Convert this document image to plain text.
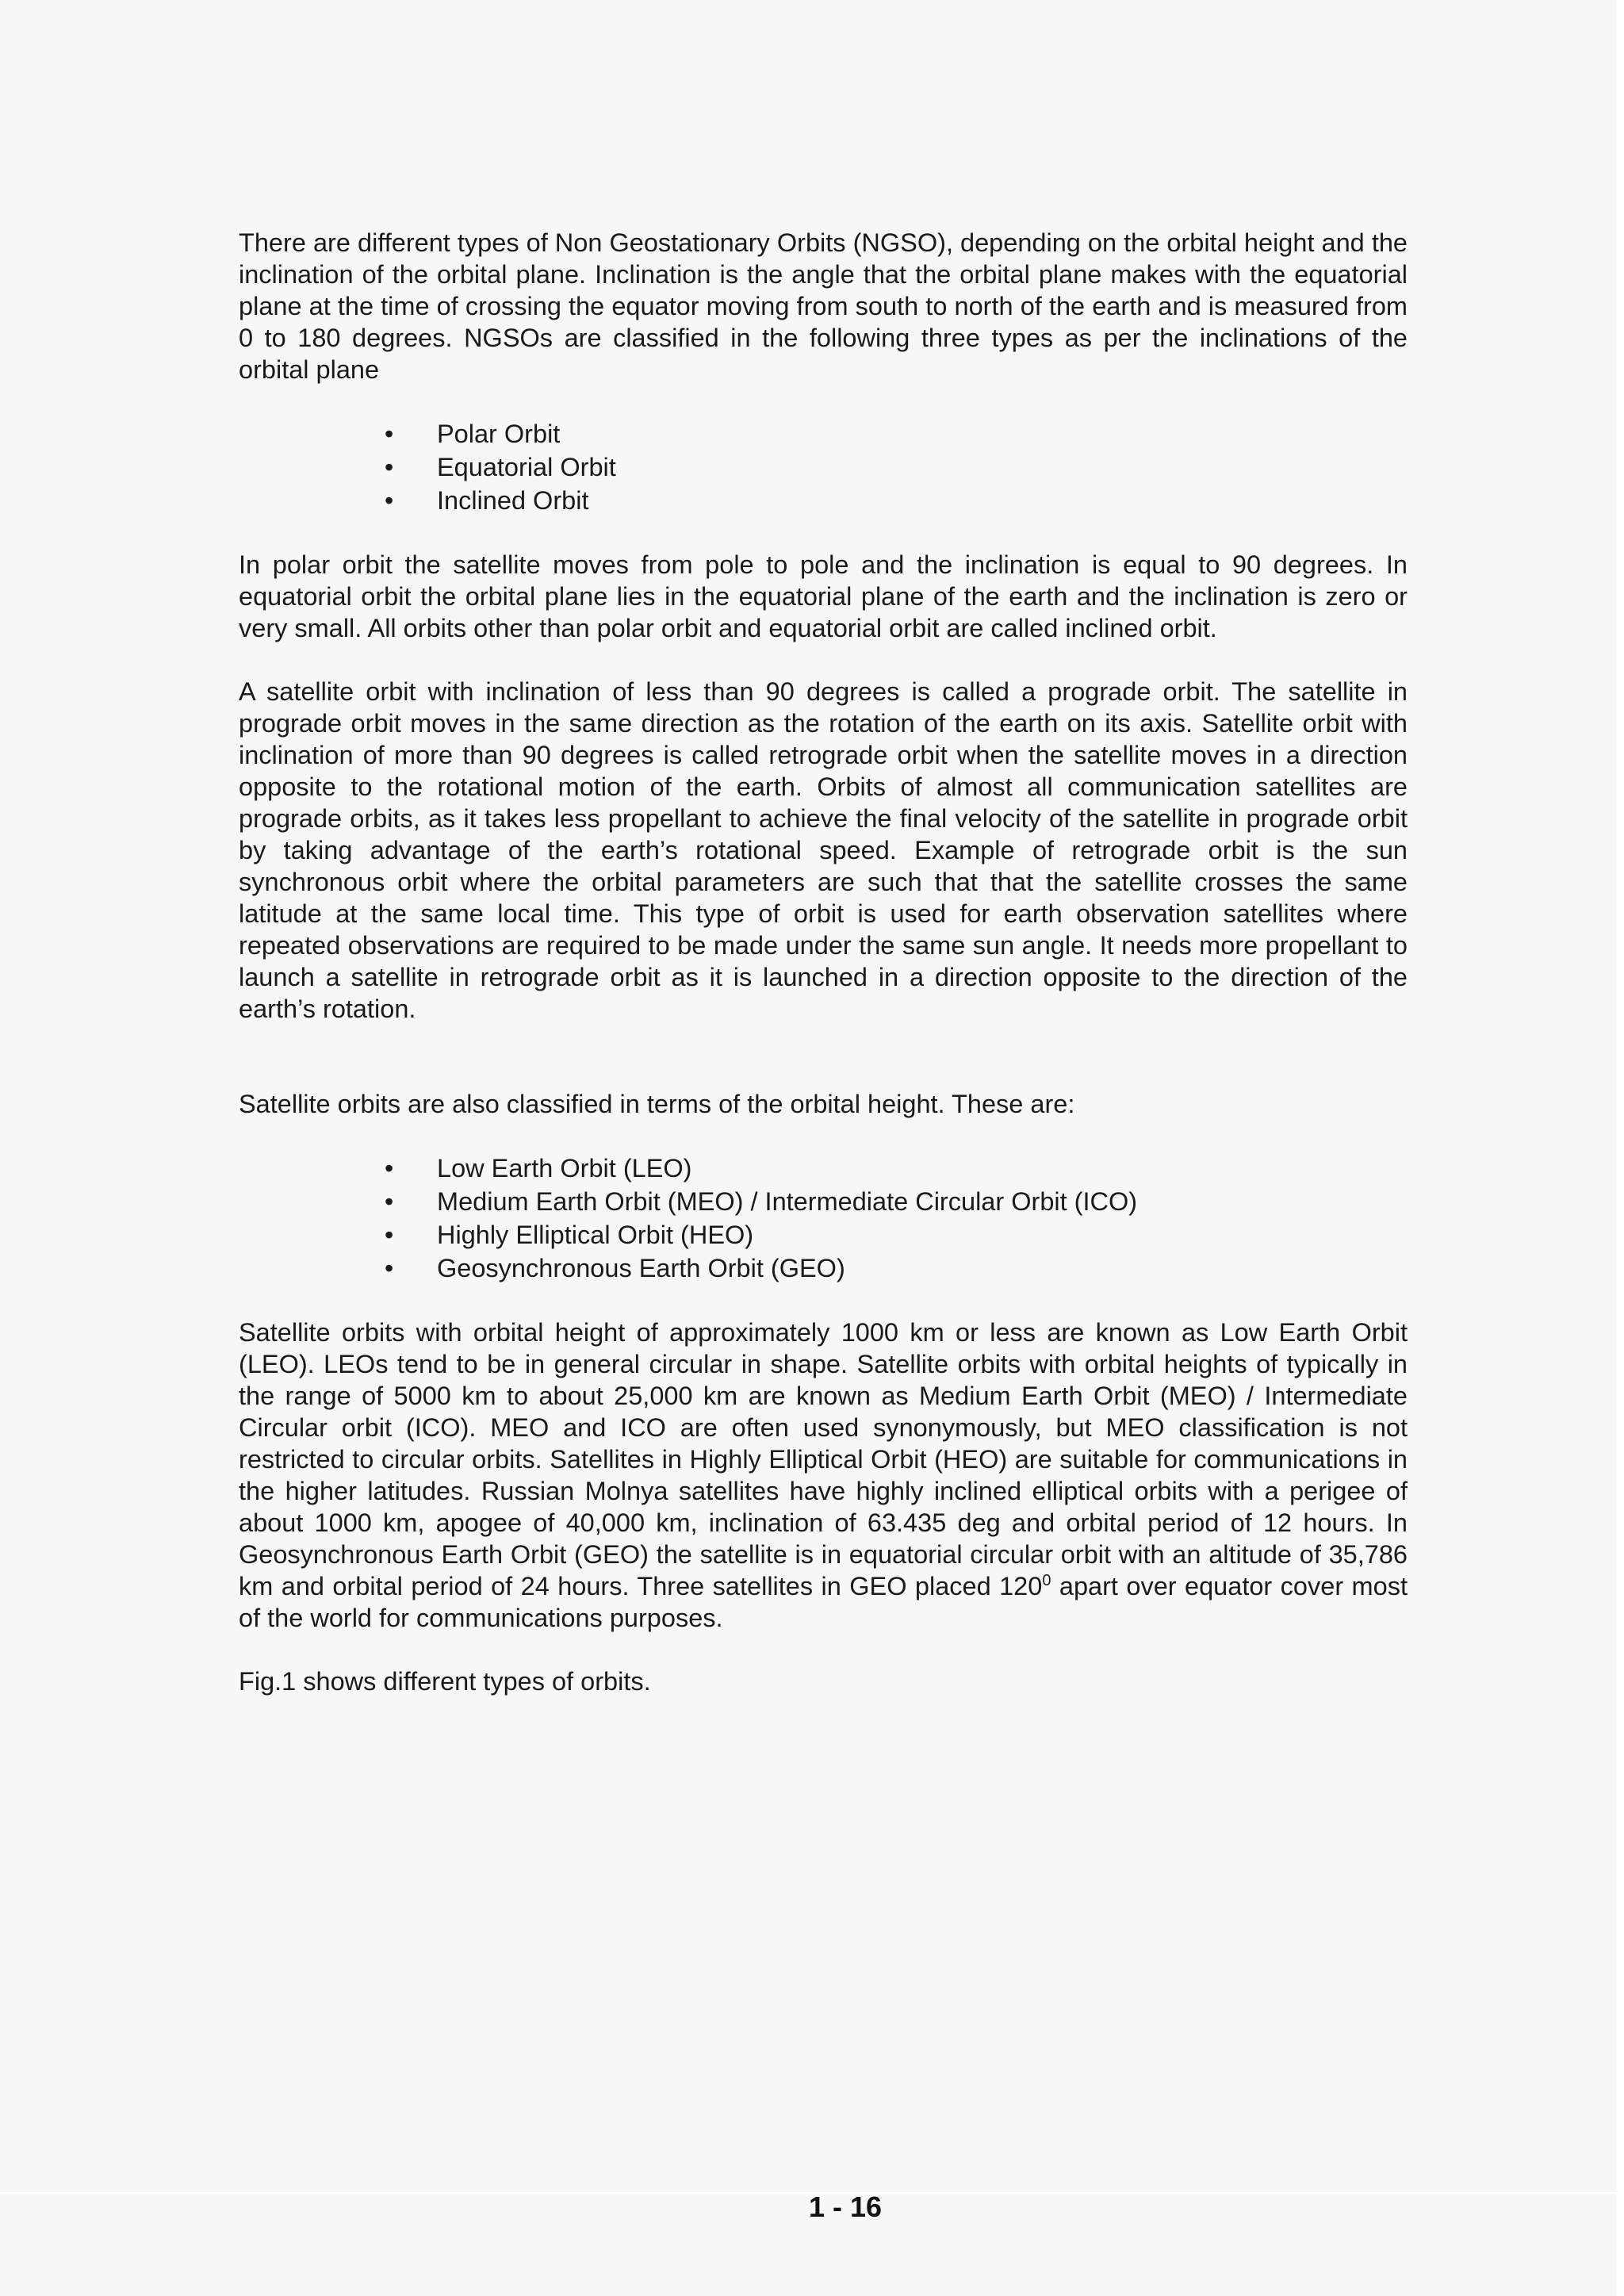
There are different types of Non Geostationary Orbits (NGSO), depending on the orbital height and the inclination of the orbital plane. Inclination is the angle that the orbital plane makes with the equatorial plane at the time of crossing the equator moving from south to north of the earth and is measured from 0 to 180 degrees. NGSOs are classified in the following three types as per the inclinations of the orbital plane

• Polar Orbit
• Equatorial Orbit
• Inclined Orbit

In polar orbit the satellite moves from pole to pole and the inclination is equal to 90 degrees. In equatorial orbit the orbital plane lies in the equatorial plane of the earth and the inclination is zero or very small. All orbits other than polar orbit and equatorial orbit are called inclined orbit.

A satellite orbit with inclination of less than 90 degrees is called a prograde orbit. The satellite in prograde orbit moves in the same direction as the rotation of the earth on its axis. Satellite orbit with inclination of more than 90 degrees is called retrograde orbit when the satellite moves in a direction opposite to the rotational motion of the earth. Orbits of almost all communication satellites are prograde orbits, as it takes less propellant to achieve the final velocity of the satellite in prograde orbit by taking advantage of the earth’s rotational speed. Example of retrograde orbit is the sun synchronous orbit where the orbital parameters are such that that the satellite crosses the same latitude at the same local time. This type of orbit is used for earth observation satellites where repeated observations are required to be made under the same sun angle. It needs more propellant to launch a satellite in retrograde orbit as it is launched in a direction opposite to the direction of the earth’s rotation.

Satellite orbits are also classified in terms of the orbital height. These are:

• Low Earth Orbit (LEO)
• Medium Earth Orbit (MEO) / Intermediate Circular Orbit (ICO)
• Highly Elliptical Orbit (HEO)
• Geosynchronous Earth Orbit (GEO)

Satellite orbits with orbital height of approximately 1000 km or less are known as Low Earth Orbit (LEO). LEOs tend to be in general circular in shape. Satellite orbits with orbital heights of typically in the range of 5000 km to about 25,000 km are known as Medium Earth Orbit (MEO) / Intermediate Circular orbit (ICO). MEO and ICO are often used synonymously, but MEO classification is not restricted to circular orbits. Satellites in Highly Elliptical Orbit (HEO) are suitable for communications in the higher latitudes. Russian Molnya satellites have highly inclined elliptical orbits with a perigee of about 1000 km, apogee of 40,000 km, inclination of 63.435 deg and orbital period of 12 hours. In Geosynchronous Earth Orbit (GEO) the satellite is in equatorial circular orbit with an altitude of 35,786 km and orbital period of 24 hours. Three satellites in GEO placed $120^0$ apart over equator cover most of the world for communications purposes.

Fig.1 shows different types of orbits.

1 - 16
